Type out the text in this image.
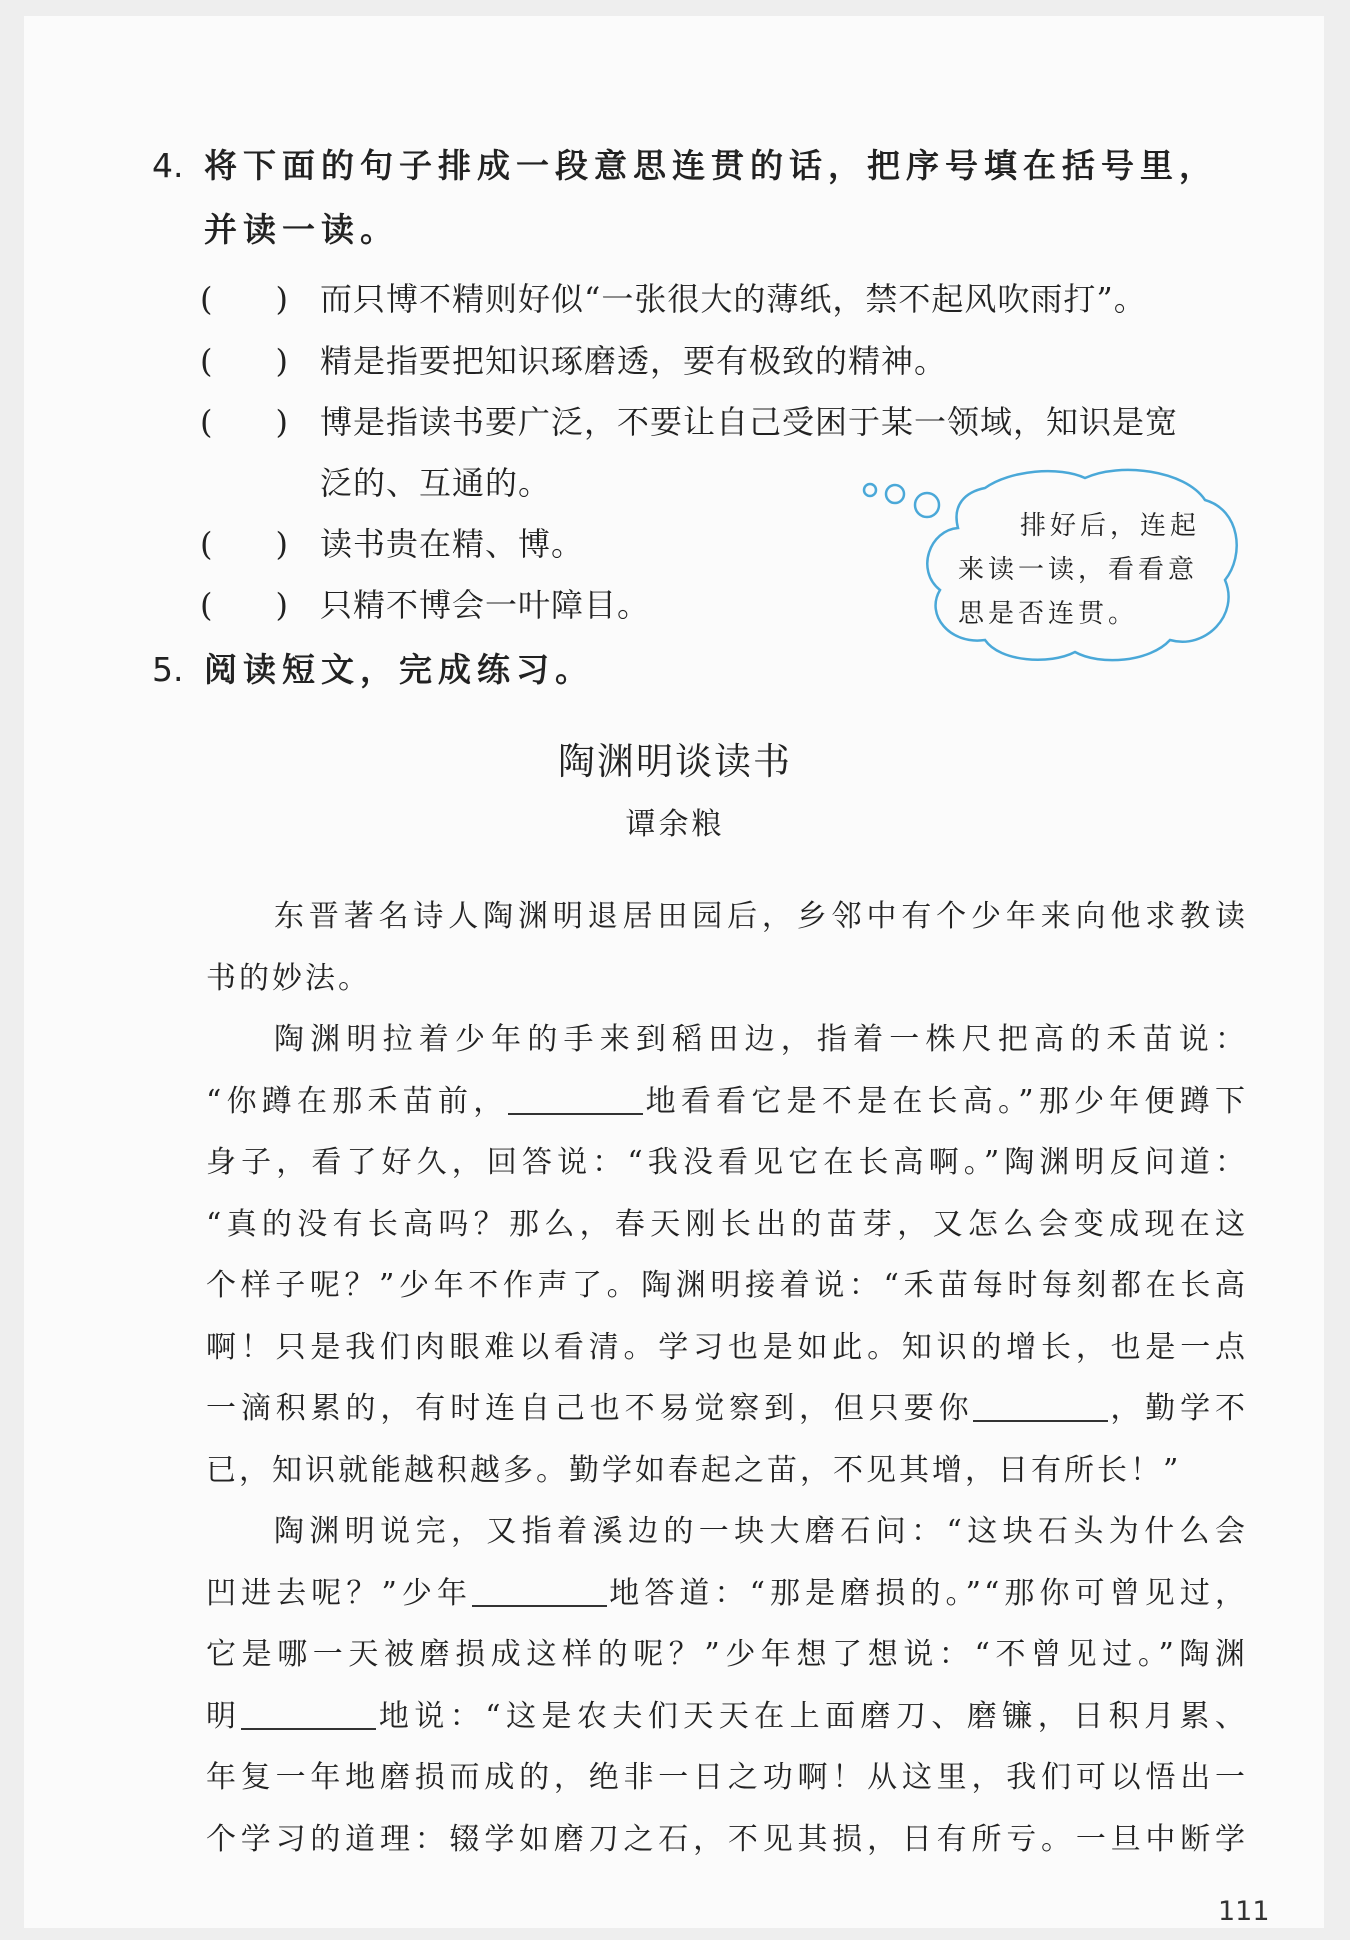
4. 将下面的句子排成一段意思连贯的话，把序号填在括号里，
并读一读。
( ) 而只博不精则好似“一张很大的薄纸，禁不起风吹雨打”。
( ) 精是指要把知识琢磨透，要有极致的精神。
( ) 博是指读书要广泛，不要让自己受困于某一领域，知识是宽
泛的、互通的。
( ) 读书贵在精、博。
( ) 只精不博会一叶障目。
排好后，连起
来读一读，看看意
思是否连贯。
5. 阅读短文，完成练习。
陶渊明谈读书
谭余粮
东晋著名诗人陶渊明退居田园后，乡邻中有个少年来向他求教读
书的妙法。
陶渊明拉着少年的手来到稻田边，指着一株尺把高的禾苗说：
“你蹲在那禾苗前，	地看看它是不是在长高。”那少年便蹲下
身子，看了好久，回答说：“我没看见它在长高啊。”陶渊明反问道：
“真的没有长高吗？那么，春天刚长出的苗芽，又怎么会变成现在这
个样子呢？”少年不作声了。陶渊明接着说：“禾苗每时每刻都在长高
啊！只是我们肉眼难以看清。学习也是如此。知识的增长，也是一点
一滴积累的，有时连自己也不易觉察到，但只要你	，勤学不
已，知识就能越积越多。勤学如春起之苗，不见其增，日有所长！”
陶渊明说完，又指着溪边的一块大磨石问：“这块石头为什么会
凹进去呢？”少年	地答道：“那是磨损的。”“那你可曾见过，
它是哪一天被磨损成这样的呢？”少年想了想说：“不曾见过。”陶渊
明	地说：“这是农夫们天天在上面磨刀、磨镰，日积月累、
年复一年地磨损而成的，绝非一日之功啊！从这里，我们可以悟出一
个学习的道理：辍学如磨刀之石，不见其损，日有所亏。一旦中断学
111
